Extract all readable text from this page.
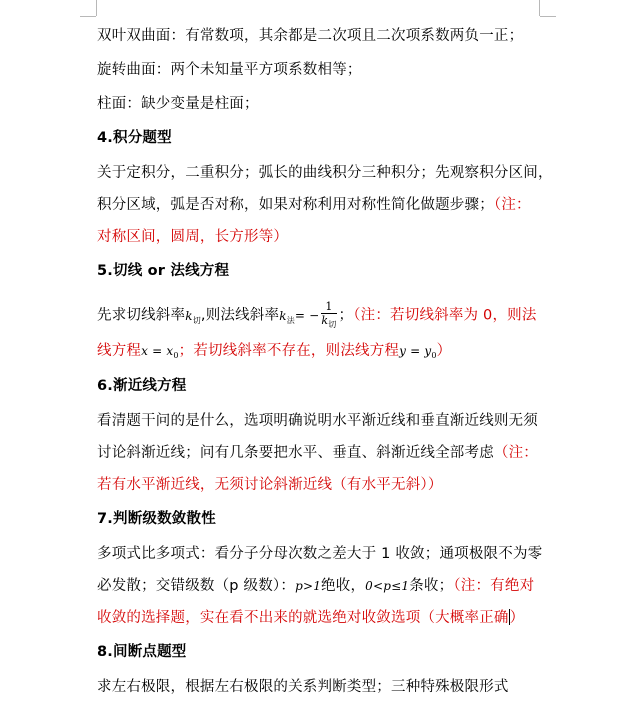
双叶双曲面：有常数项，其余都是二次项且二次项系数两负一正；
旋转曲面：两个未知量平方项系数相等；
柱面：缺少变量是柱面；
4.积分题型
关于定积分，二重积分；弧长的曲线积分三种积分；先观察积分区间，
积分区域，弧是否对称，如果对称利用对称性简化做题步骤；（注：
对称区间，圆周，长方形等）
5.切线 or 法线方程
先求切线斜率$k_切$,则法线斜率$k_法= - \frac{1}{k_切}$ ；（注：若切线斜率为 0，则法
线方程$x = x_0$；若切线斜率不存在，则法线方程$y = y_0$）
6.渐近线方程
看清题干问的是什么，选项明确说明水平渐近线和垂直渐近线则无须
讨论斜渐近线；问有几条要把水平、垂直、斜渐近线全部考虑（注：
若有水平渐近线，无须讨论斜渐近线（有水平无斜））
7.判断级数敛散性
多项式比多项式：看分子分母次数之差大于 1 收敛；通项极限不为零
必发散；交错级数（p 级数）：p>1绝收，0<p≤1条收；（注：有绝对
收敛的选择题，实在看不出来的就选绝对收敛选项（大概率正确）
8.间断点题型
求左右极限，根据左右极限的关系判断类型；三种特殊极限形式
